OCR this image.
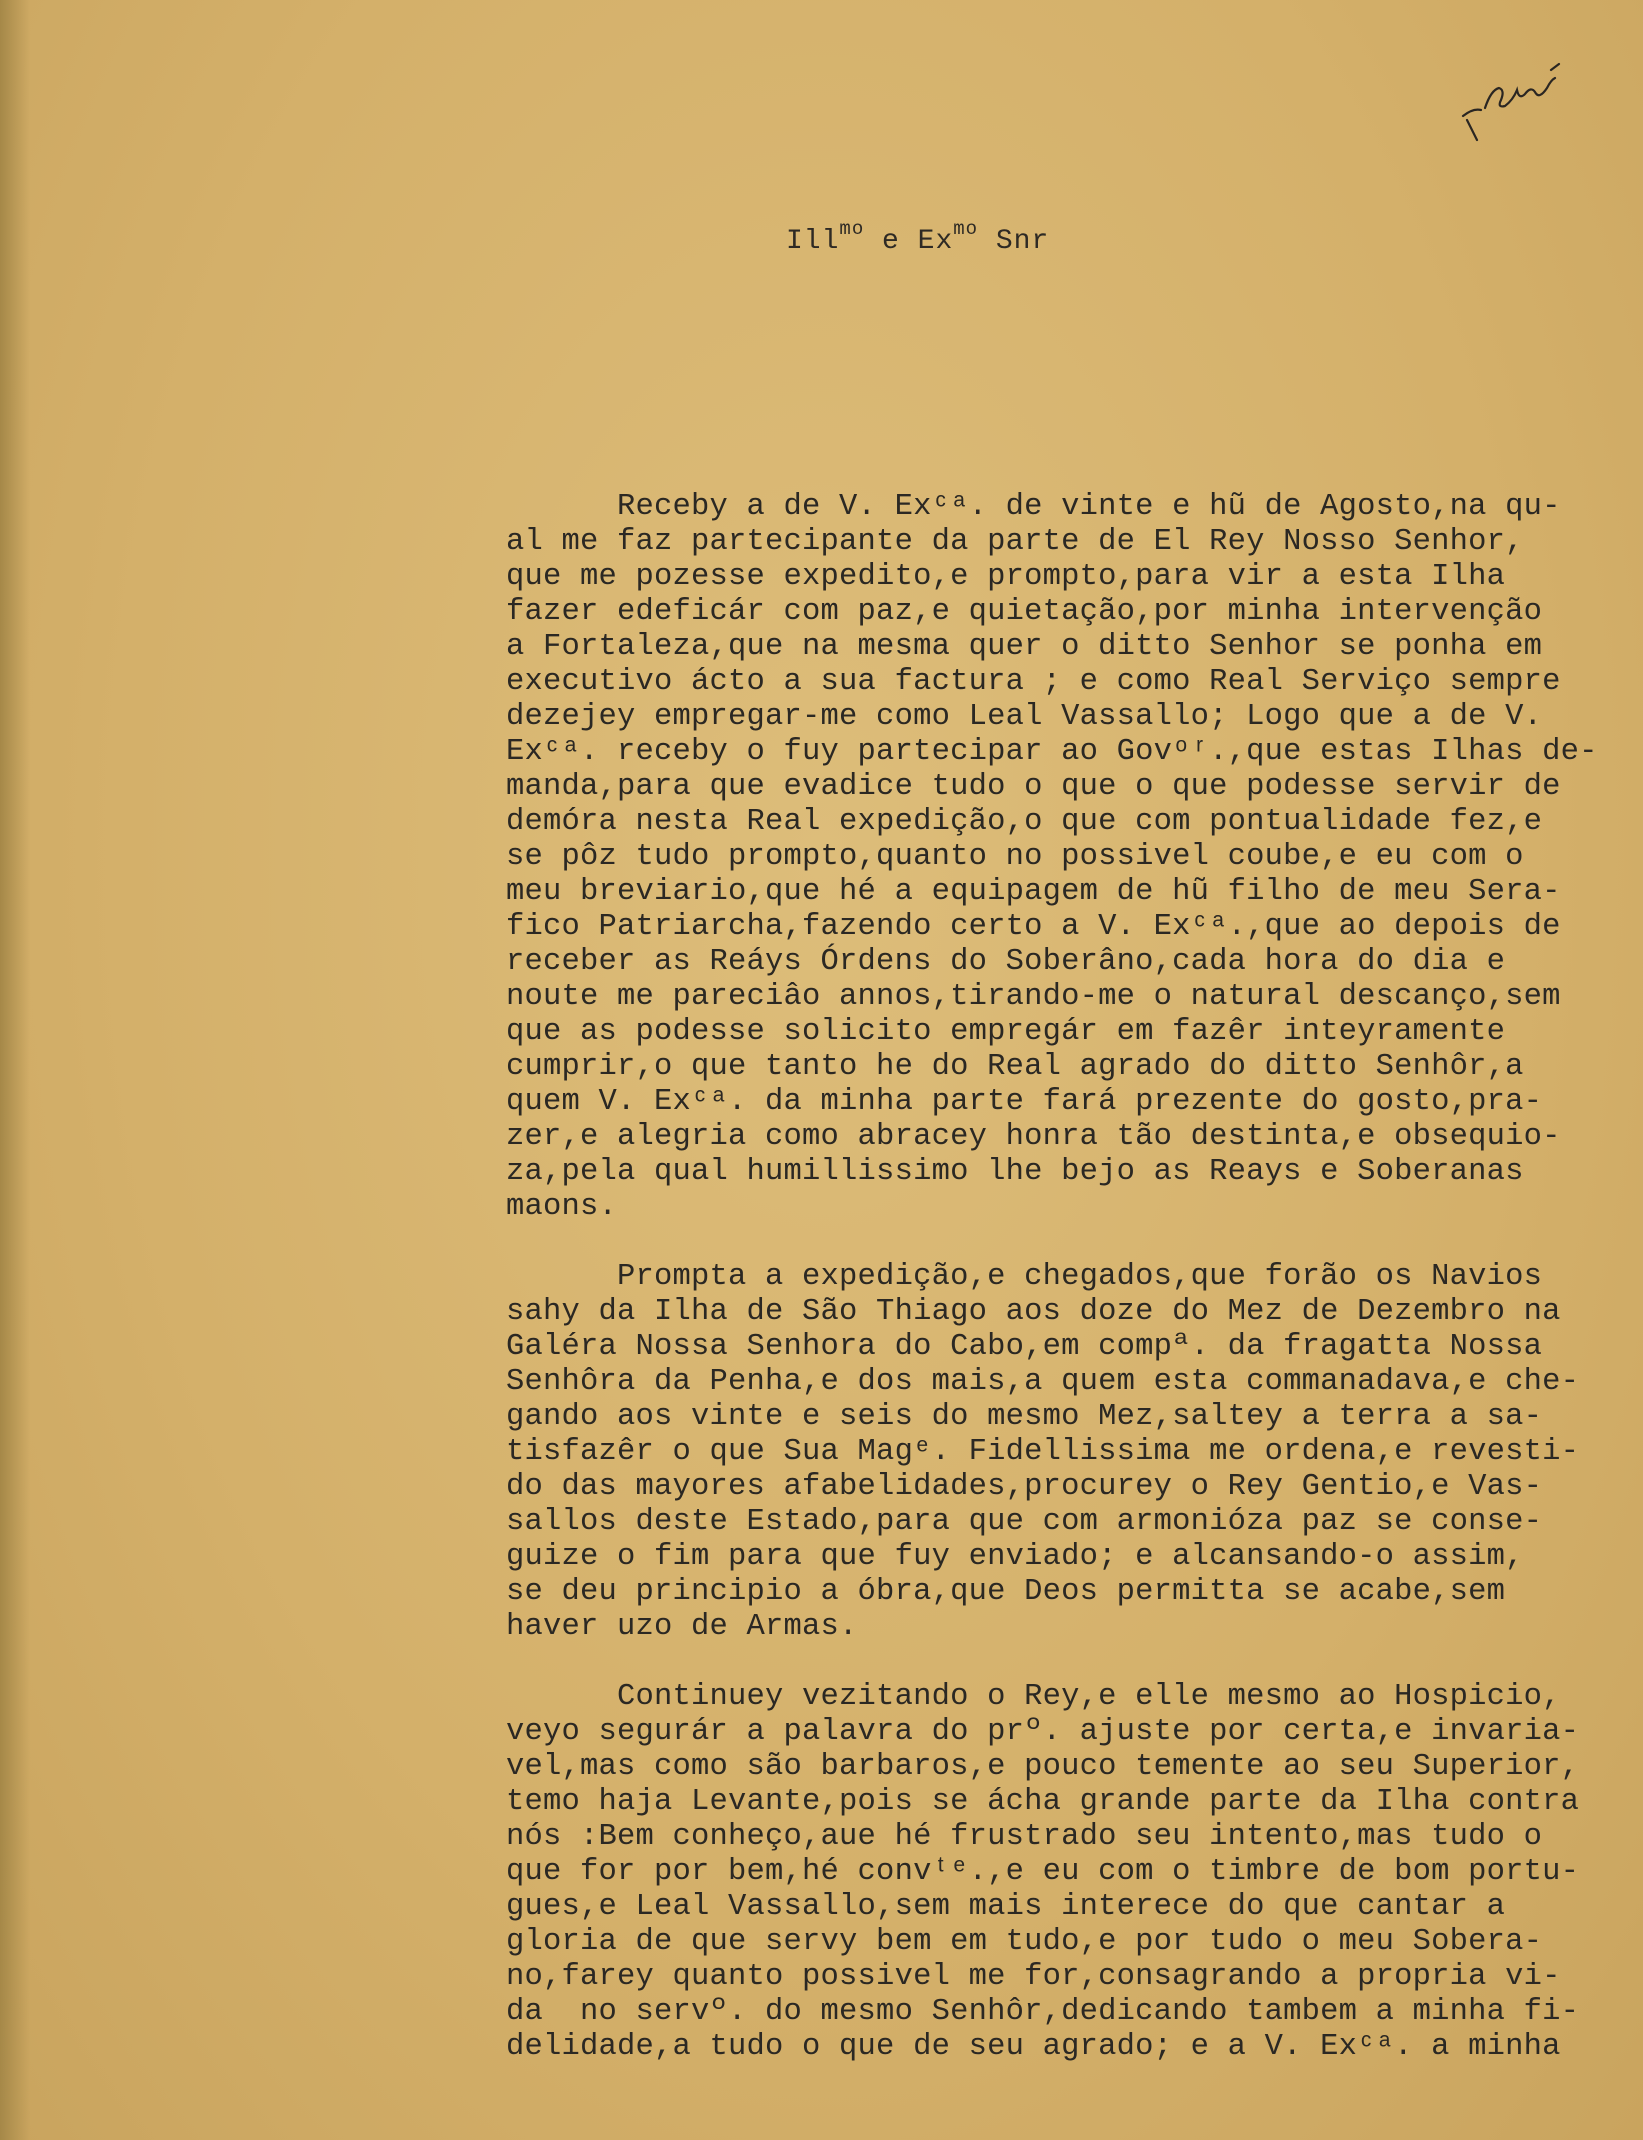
Ill$^{mo}$ e $Ex^{mo}$ Snr
Receby a de V. Exᶜᵃ. de vinte e hũ de Agosto,na qu-
al me faz partecipante da parte de El Rey Nosso Senhor,
que me pozesse expedito,e prompto,para vir a esta Ilha
fazer edeficár com paz,e quietação,por minha intervenção
a Fortaleza,que na mesma quer o ditto Senhor se ponha em
executivo ácto a sua factura ; e como Real Serviço sempre
dezejey empregar-me como Leal Vassallo; Logo que a de V.
Exᶜᵃ. receby o fuy partecipar ao Govᵒʳ.,que estas Ilhas de-
manda,para que evadice tudo o que o que podesse servir de
demóra nesta Real expedição,o que com pontualidade fez,e
se pôz tudo prompto,quanto no possivel coube,e eu com o
meu breviario,que hé a equipagem de hũ filho de meu Sera-
fico Patriarcha,fazendo certo a V. Exᶜᵃ.,que ao depois de
receber as Reáys Órdens do Soberâno,cada hora do dia e
noute me pareciâo annos,tirando-me o natural descanço,sem
que as podesse solicito empregár em fazêr inteyramente
cumprir,o que tanto he do Real agrado do ditto Senhôr,a
quem V. Exᶜᵃ. da minha parte fará prezente do gosto,pra-
zer,e alegria como abracey honra tão destinta,e obsequio-
za,pela qual humillissimo lhe bejo as Reays e Soberanas
maons.
Prompta a expedição,e chegados,que forão os Navios
sahy da Ilha de São Thiago aos doze do Mez de Dezembro na
Galéra Nossa Senhora do Cabo,em compª. da fragatta Nossa
Senhôra da Penha,e dos mais,a quem esta commanadava,e che-
gando aos vinte e seis do mesmo Mez,saltey a terra a sa-
tisfazêr o que Sua Magᵉ. Fidellissima me ordena,e revesti-
do das mayores afabelidades,procurey o Rey Gentio,e Vas-
sallos deste Estado,para que com armonióza paz se conse-
guize o fim para que fuy enviado; e alcansando-o assim,
se deu principio a óbra,que Deos permitta se acabe,sem
haver uzo de Armas.
Continuey vezitando o Rey,e elle mesmo ao Hospicio,
veyo segurár a palavra do prº. ajuste por certa,e invaria-
vel,mas como são barbaros,e pouco temente ao seu Superior,
temo haja Levante,pois se ácha grande parte da Ilha contra
nós :Bem conheço,aue hé frustrado seu intento,mas tudo o
que for por bem,hé convᵗᵉ.,e eu com o timbre de bom portu-
gues,e Leal Vassallo,sem mais interece do que cantar a
gloria de que servy bem em tudo,e por tudo o meu Sobera-
no,farey quanto possivel me for,consagrando a propria vi-
da  no servº. do mesmo Senhôr,dedicando tambem a minha fi-
delidade,a tudo o que de seu agrado; e a V. Exᶜᵃ. a minha
